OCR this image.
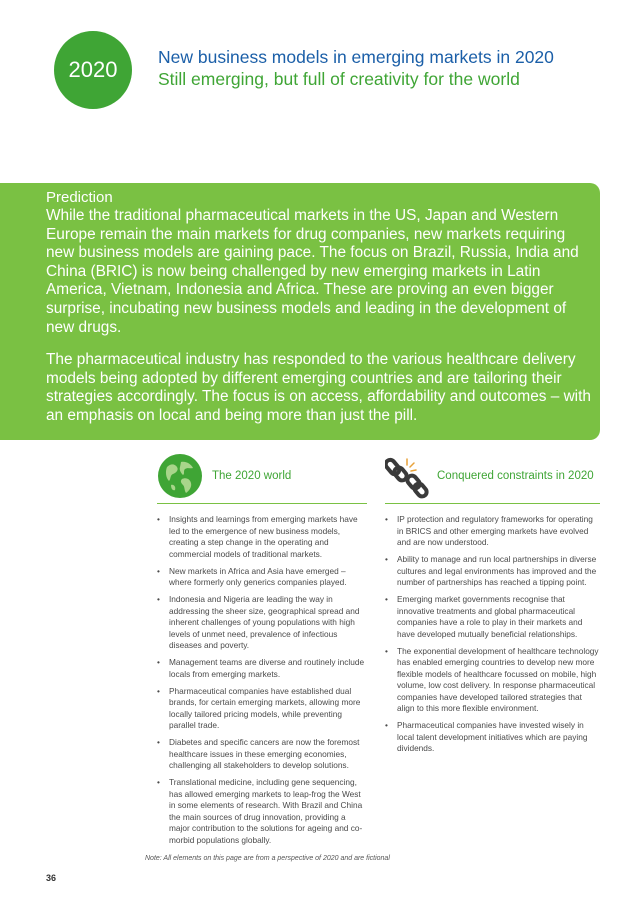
2020	New business models in emerging markets in 2020
Still emerging, but full of creativity for the world
Prediction

While the traditional pharmaceutical markets in the US, Japan and Western Europe remain the main markets for drug companies, new markets requiring new business models are gaining pace. The focus on Brazil, Russia, India and China (BRIC) is now being challenged by new emerging markets in Latin America, Vietnam, Indonesia and Africa. These are proving an even bigger surprise, incubating new business models and leading in the development of new drugs.

The pharmaceutical industry has responded to the various healthcare delivery models being adopted by different emerging countries and are tailoring their strategies accordingly. The focus is on access, affordability and outcomes – with an emphasis on local and being more than just the pill.

The 2020 world	Conquered constraints in 2020
• Insights and learnings from emerging markets have led to the emergence of new business models, creating a step change in the operating and commercial models of traditional markets.
• New markets in Africa and Asia have emerged – where formerly only generics companies played.
• Indonesia and Nigeria are leading the way in addressing the sheer size, geographical spread and inherent challenges of young populations with high levels of unmet need, prevalence of infectious diseases and poverty.
• Management teams are diverse and routinely include locals from emerging markets.
• Pharmaceutical companies have established dual brands, for certain emerging markets, allowing more locally tailored pricing models, while preventing parallel trade.
• Diabetes and specific cancers are now the foremost healthcare issues in these emerging economies, challenging all stakeholders to develop solutions.
• Translational medicine, including gene sequencing, has allowed emerging markets to leap-frog the West in some elements of research. With Brazil and China the main sources of drug innovation, providing a major contribution to the solutions for ageing and co-morbid populations globally.
• IP protection and regulatory frameworks for operating in BRICS and other emerging markets have evolved and are now understood.
• Ability to manage and run local partnerships in diverse cultures and legal environments has improved and the number of partnerships has reached a tipping point.
• Emerging market governments recognise that innovative treatments and global pharmaceutical companies have a role to play in their markets and have developed mutually beneficial relationships.
• The exponential development of healthcare technology has enabled emerging countries to develop new more flexible models of healthcare focussed on mobile, high volume, low cost delivery. In response pharmaceutical companies have developed tailored strategies that align to this more flexible environment.
• Pharmaceutical companies have invested wisely in local talent development initiatives which are paying dividends.
Note: All elements on this page are from a perspective of 2020 and are fictional
36
